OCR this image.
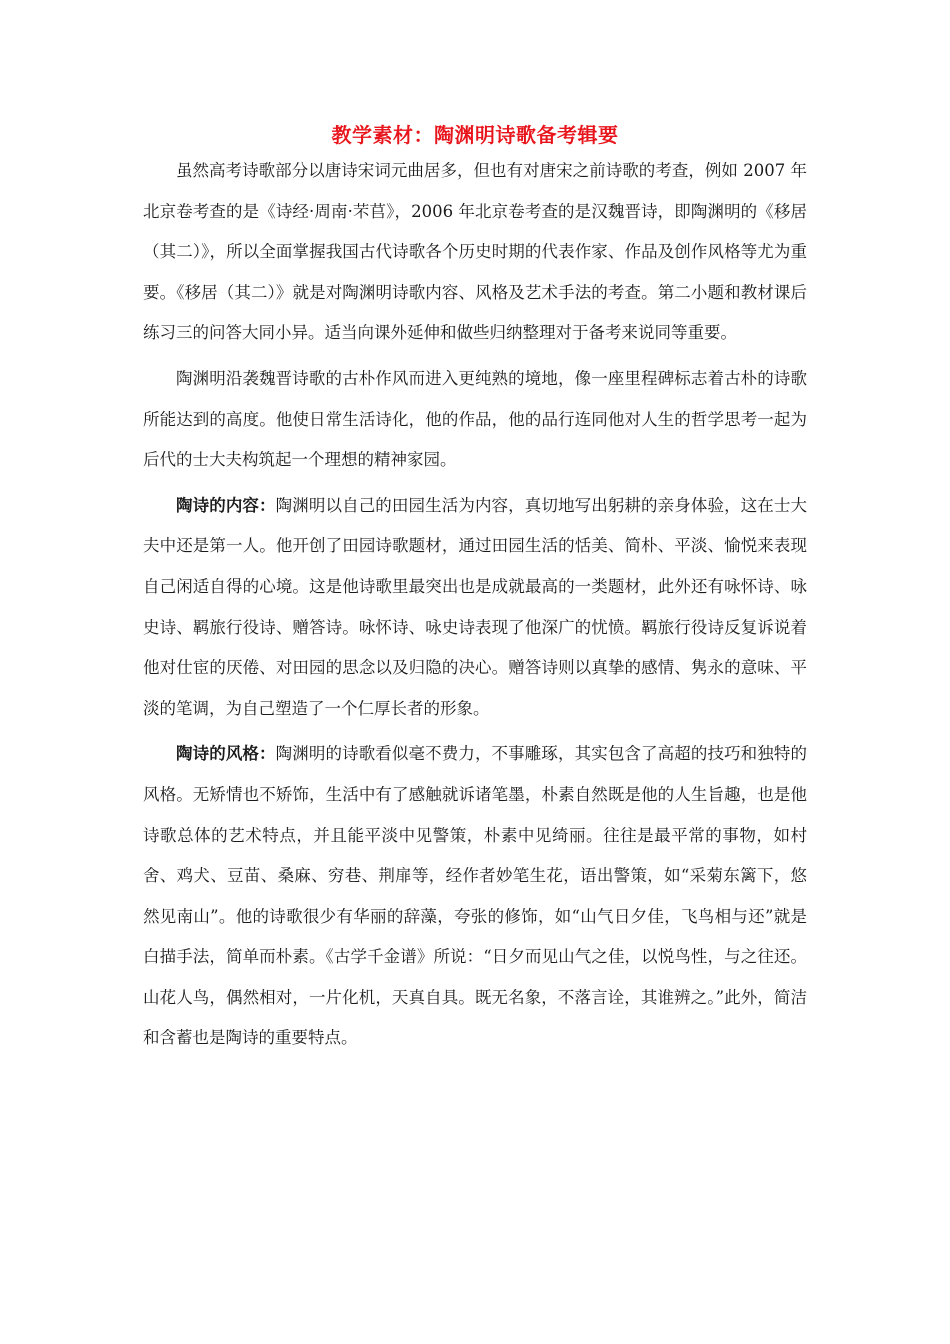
教学素材：陶渊明诗歌备考辑要

虽然高考诗歌部分以唐诗宋词元曲居多，但也有对唐宋之前诗歌的考查，例如 2007 年北京卷考查的是《诗经·周南·芣苢》，2006 年北京卷考查的是汉魏晋诗，即陶渊明的《移居（其二）》，所以全面掌握我国古代诗歌各个历史时期的代表作家、作品及创作风格等尤为重要。《移居（其二）》就是对陶渊明诗歌内容、风格及艺术手法的考查。第二小题和教材课后练习三的问答大同小异。适当向课外延伸和做些归纳整理对于备考来说同等重要。

陶渊明沿袭魏晋诗歌的古朴作风而进入更纯熟的境地，像一座里程碑标志着古朴的诗歌所能达到的高度。他使日常生活诗化，他的作品，他的品行连同他对人生的哲学思考一起为后代的士大夫构筑起一个理想的精神家园。

陶诗的内容：陶渊明以自己的田园生活为内容，真切地写出躬耕的亲身体验，这在士大夫中还是第一人。他开创了田园诗歌题材，通过田园生活的恬美、简朴、平淡、愉悦来表现自己闲适自得的心境。这是他诗歌里最突出也是成就最高的一类题材，此外还有咏怀诗、咏史诗、羁旅行役诗、赠答诗。咏怀诗、咏史诗表现了他深广的忧愤。羁旅行役诗反复诉说着他对仕宦的厌倦、对田园的思念以及归隐的决心。赠答诗则以真挚的感情、隽永的意味、平淡的笔调，为自己塑造了一个仁厚长者的形象。

陶诗的风格：陶渊明的诗歌看似毫不费力，不事雕琢，其实包含了高超的技巧和独特的风格。无矫情也不矫饰，生活中有了感触就诉诸笔墨，朴素自然既是他的人生旨趣，也是他诗歌总体的艺术特点，并且能平淡中见警策，朴素中见绮丽。往往是最平常的事物，如村舍、鸡犬、豆苗、桑麻、穷巷、荆扉等，经作者妙笔生花，语出警策，如“采菊东篱下，悠然见南山”。他的诗歌很少有华丽的辞藻，夸张的修饰，如“山气日夕佳，飞鸟相与还”就是白描手法，简单而朴素。《古学千金谱》所说：“日夕而见山气之佳，以悦鸟性，与之往还。山花人鸟，偶然相对，一片化机，天真自具。既无名象，不落言诠，其谁辨之。”此外，简洁和含蓄也是陶诗的重要特点。
